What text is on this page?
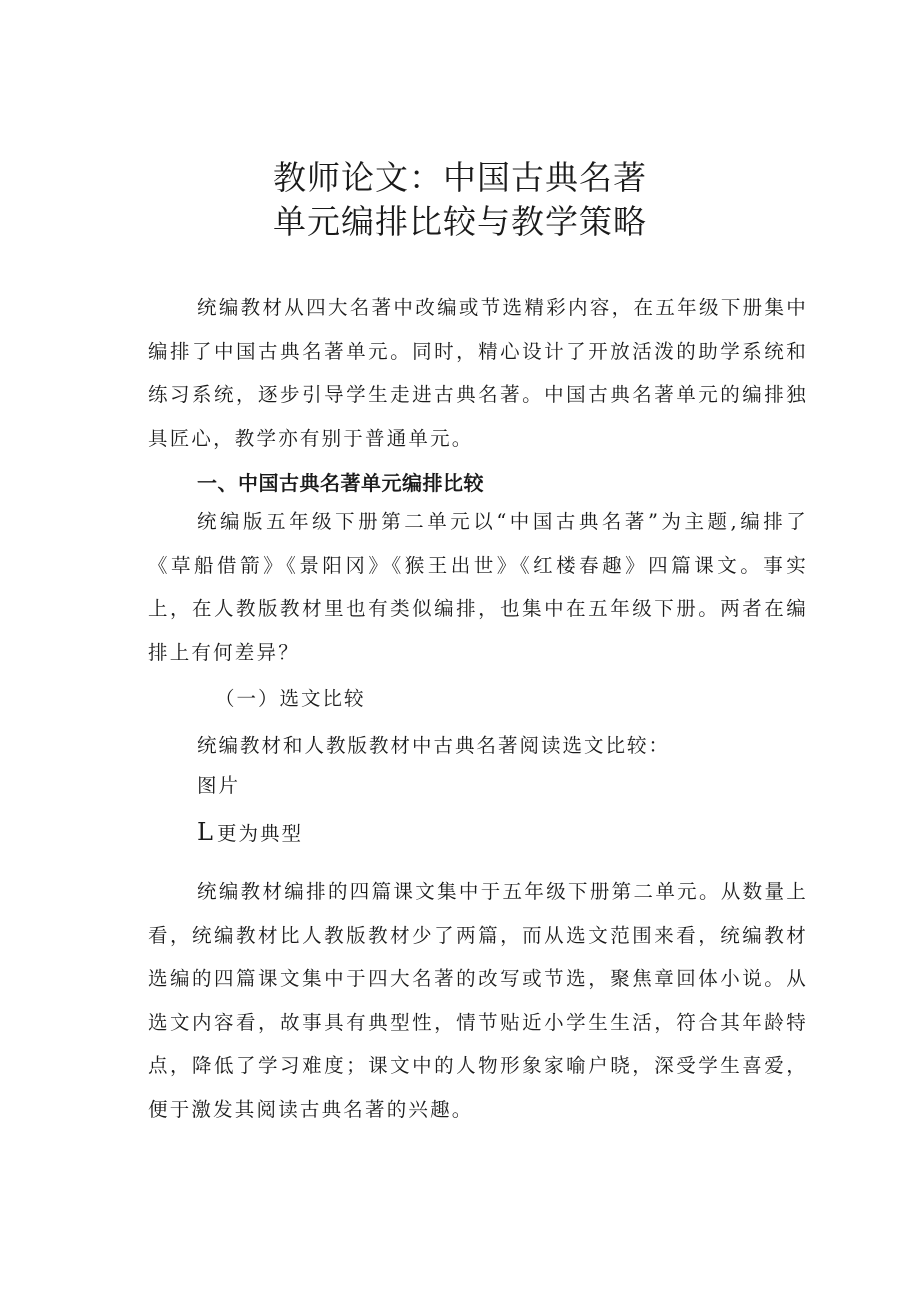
教师论文：中国古典名著
单元编排比较与教学策略

统编教材从四大名著中改编或节选精彩内容，在五年级下册集中编排了中国古典名著单元。同时，精心设计了开放活泼的助学系统和练习系统，逐步引导学生走进古典名著。中国古典名著单元的编排独具匠心，教学亦有别于普通单元。

一、中国古典名著单元编排比较

统编版五年级下册第二单元以“中国古典名著”为主题,编排了《草船借箭》《景阳冈》《猴王出世》《红楼春趣》四篇课文。事实上，在人教版教材里也有类似编排，也集中在五年级下册。两者在编排上有何差异？

（一）选文比较
统编教材和人教版教材中古典名著阅读选文比较：
图片
L 更为典型

统编教材编排的四篇课文集中于五年级下册第二单元。从数量上看，统编教材比人教版教材少了两篇，而从选文范围来看，统编教材选编的四篇课文集中于四大名著的改写或节选，聚焦章回体小说。从选文内容看，故事具有典型性，情节贴近小学生生活，符合其年龄特点，降低了学习难度；课文中的人物形象家喻户晓，深受学生喜爱，便于激发其阅读古典名著的兴趣。
